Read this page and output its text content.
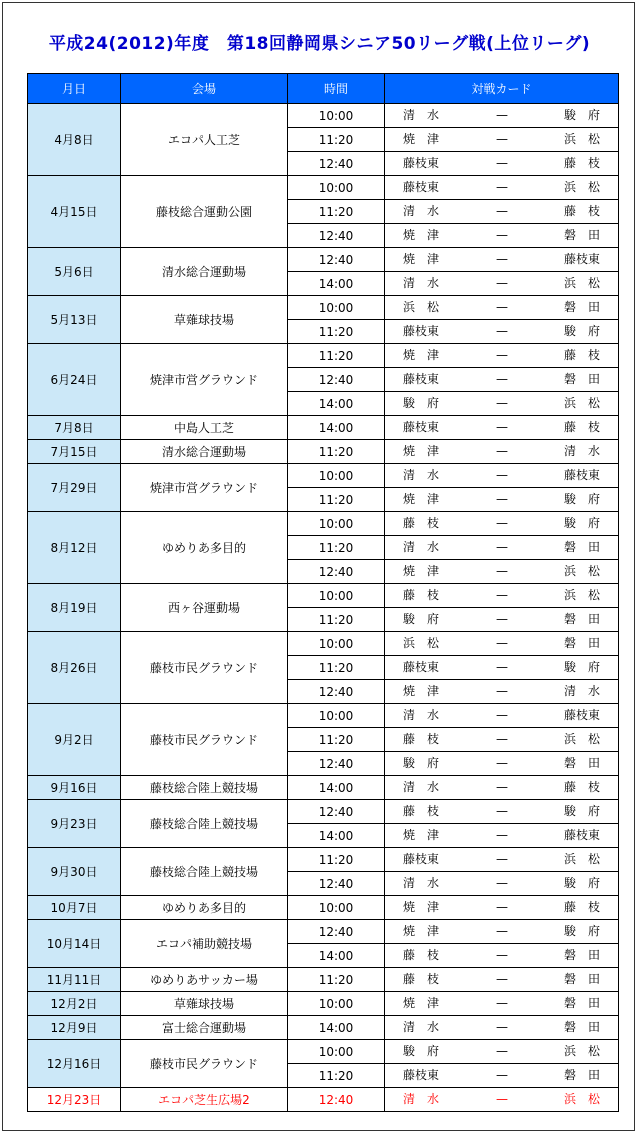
平成24(2012)年度　第18回静岡県シニア50リーグ戦(上位リーグ)
月日	会場	時間	対戦カード
4月8日	エコパ人工芝	10:00	清　水 — 駿　府

		11:20	焼　津 — 浜　松

		12:40	藤枝東 — 藤　枝

4月15日	藤枝総合運動公園	10:00	藤枝東 — 浜　松

		11:20	清　水 — 藤　枝

		12:40	焼　津 — 磐　田

5月6日	清水総合運動場	12:40	焼　津 — 藤枝東

		14:00	清　水 — 浜　松

5月13日	草薙球技場	10:00	浜　松 — 磐　田

		11:20	藤枝東 — 駿　府

6月24日	焼津市営グラウンド	11:20	焼　津 — 藤　枝

		12:40	藤枝東 — 磐　田

		14:00	駿　府 — 浜　松

7月8日	中島人工芝	14:00	藤枝東 — 藤　枝

7月15日	清水総合運動場	11:20	焼　津 — 清　水

7月29日	焼津市営グラウンド	10:00	清　水 — 藤枝東

		11:20	焼　津 — 駿　府

8月12日	ゆめりあ多目的	10:00	藤　枝 — 駿　府

		11:20	清　水 — 磐　田

		12:40	焼　津 — 浜　松

8月19日	西ヶ谷運動場	10:00	藤　枝 — 浜　松

		11:20	駿　府 — 磐　田

8月26日	藤枝市民グラウンド	10:00	浜　松 — 磐　田

		11:20	藤枝東 — 駿　府

		12:40	焼　津 — 清　水

9月2日	藤枝市民グラウンド	10:00	清　水 — 藤枝東

		11:20	藤　枝 — 浜　松

		12:40	駿　府 — 磐　田

9月16日	藤枝総合陸上競技場	14:00	清　水 — 藤　枝

9月23日	藤枝総合陸上競技場	12:40	藤　枝 — 駿　府

		14:00	焼　津 — 藤枝東

9月30日	藤枝総合陸上競技場	11:20	藤枝東 — 浜　松

		12:40	清　水 — 駿　府

10月7日	ゆめりあ多目的	10:00	焼　津 — 藤　枝

10月14日	エコパ補助競技場	12:40	焼　津 — 駿　府

		14:00	藤　枝 — 磐　田

11月11日	ゆめりあサッカー場	11:20	藤　枝 — 磐　田

12月2日	草薙球技場	10:00	焼　津 — 磐　田

12月9日	富士総合運動場	14:00	清　水 — 磐　田

12月16日	藤枝市民グラウンド	10:00	駿　府 — 浜　松

		11:20	藤枝東 — 磐　田

12月23日	エコパ芝生広場2	12:40	清　水 — 浜　松
